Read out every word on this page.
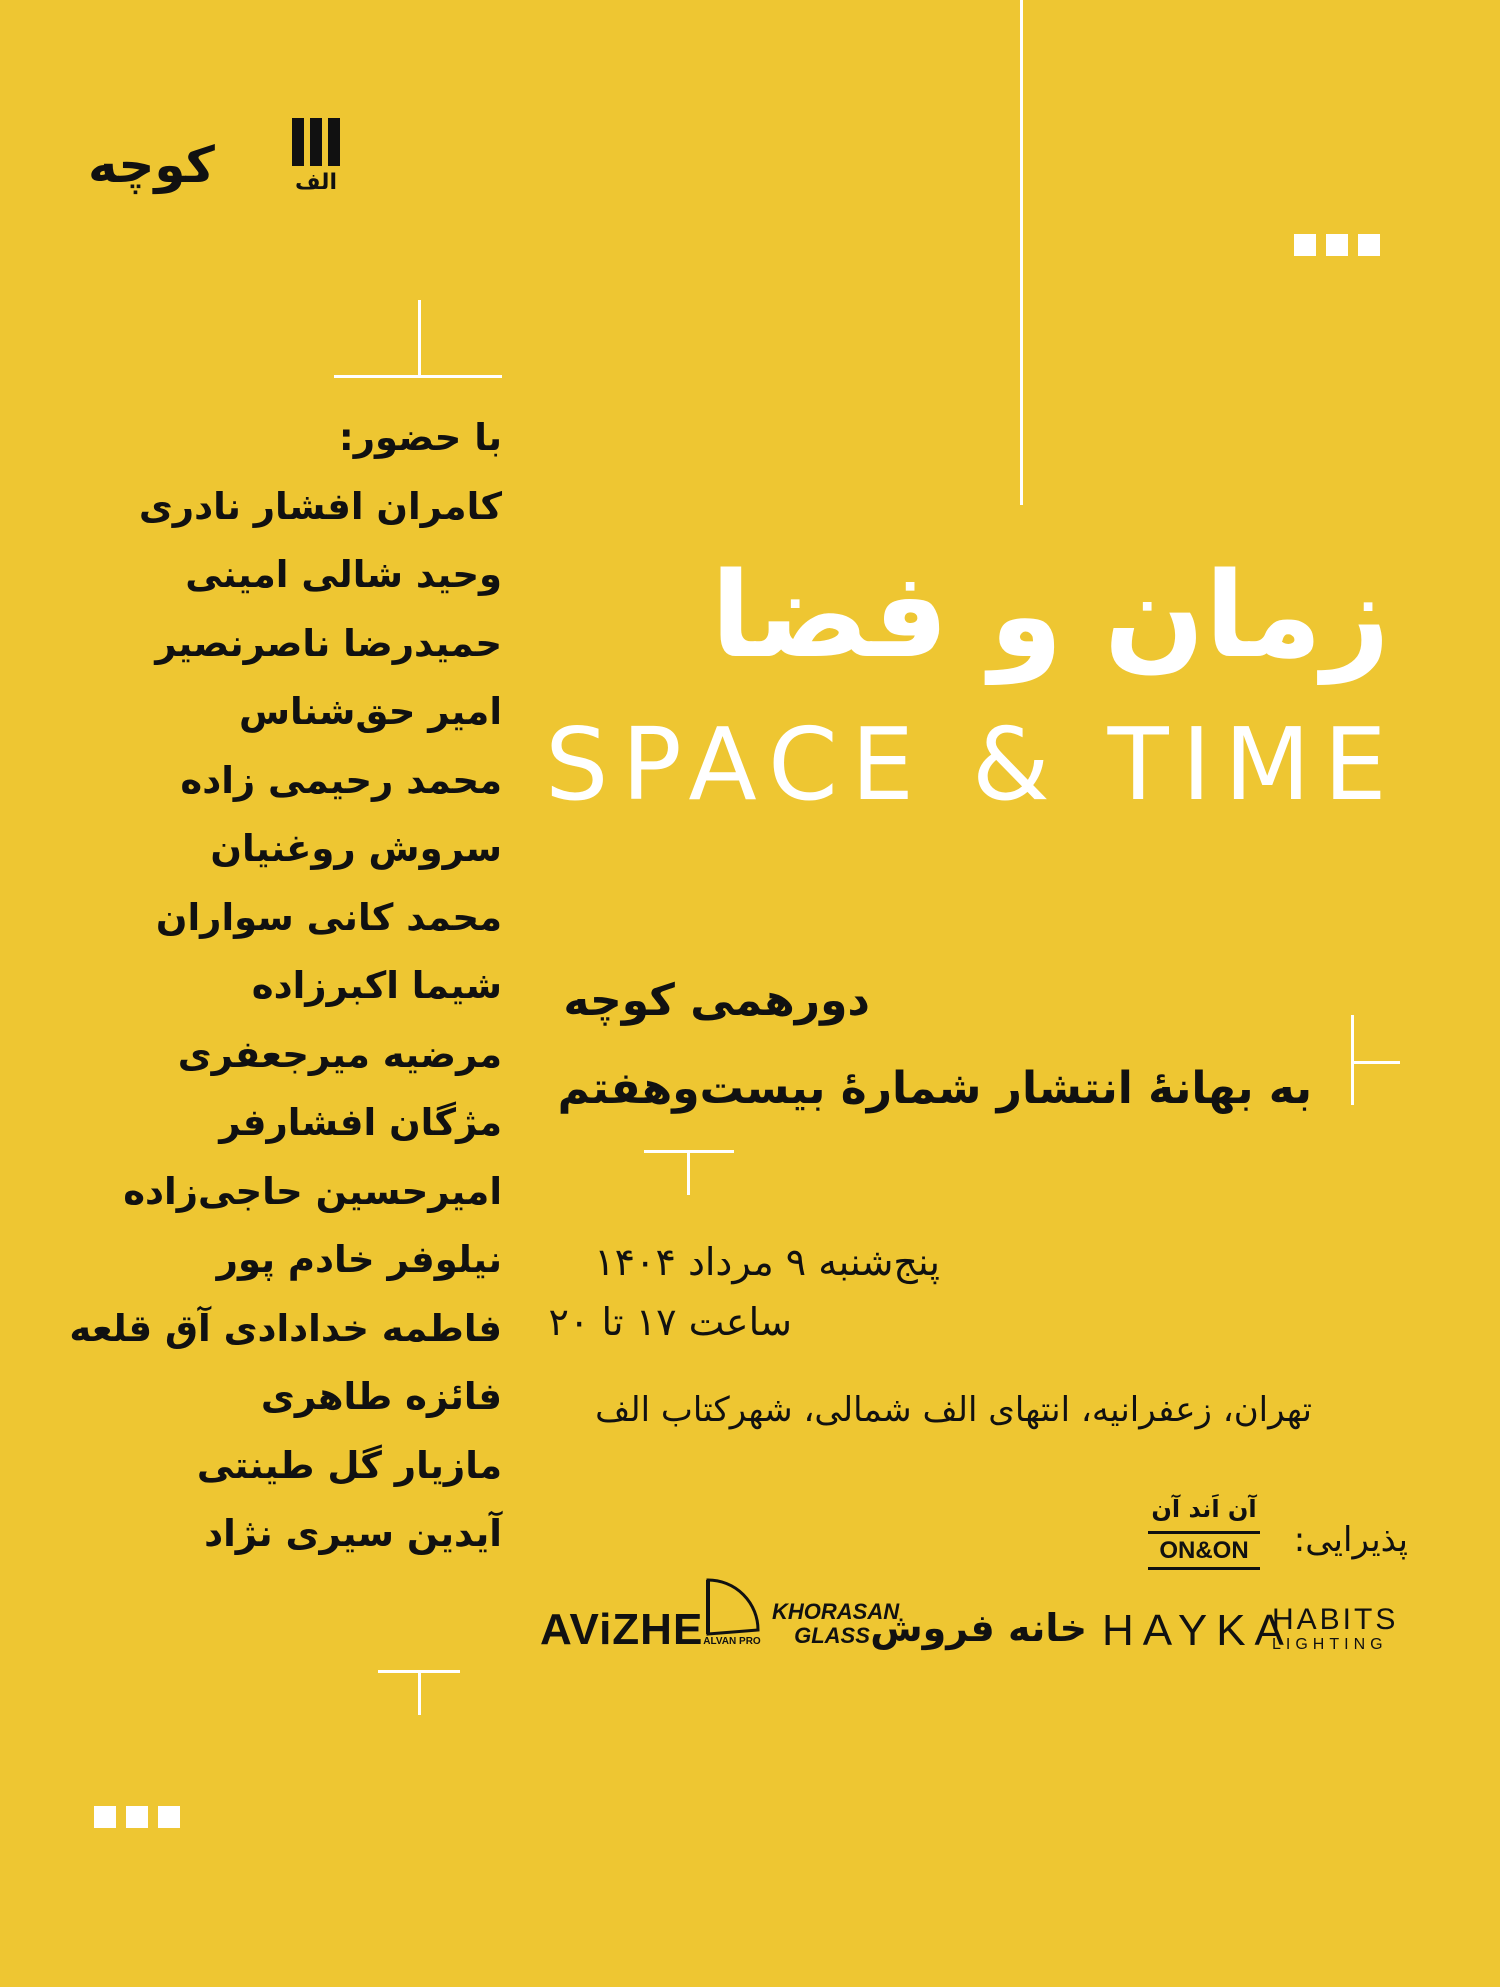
کوچه	الف
با حضور:
کامران افشار نادری
وحید شالی امینی
حمیدرضا ناصرنصیر
امیر حق‌شناس
محمد رحیمی زاده
سروش روغنیان
محمد کانی سواران
شیما اکبرزاده
مرضیه میرجعفری
مژگان افشارفر
امیرحسین حاجی‌زاده
نیلوفر خادم پور
فاطمه خدادادی آق قلعه
فائزه طاهری
مازیار گل طینتی
آیدین سیری نژاد
زمان و فضا
SPACE & TIME
دورهمی کوچه
به بهانهٔ انتشار شمارهٔ بیست‌وهفتم
پنج‌شنبه ۹ مرداد ۱۴۰۴
ساعت ۱۷ تا ۲۰
تهران، زعفرانیه، انتهای الف شمالی، شهرکتاب الف
پذیرایی:
آن اَند آن
ON&ON
AViZHE ALVAN PRO
KHORASAN
GLASS خانه فروش HAYKA
HABITS
LIGHTING
